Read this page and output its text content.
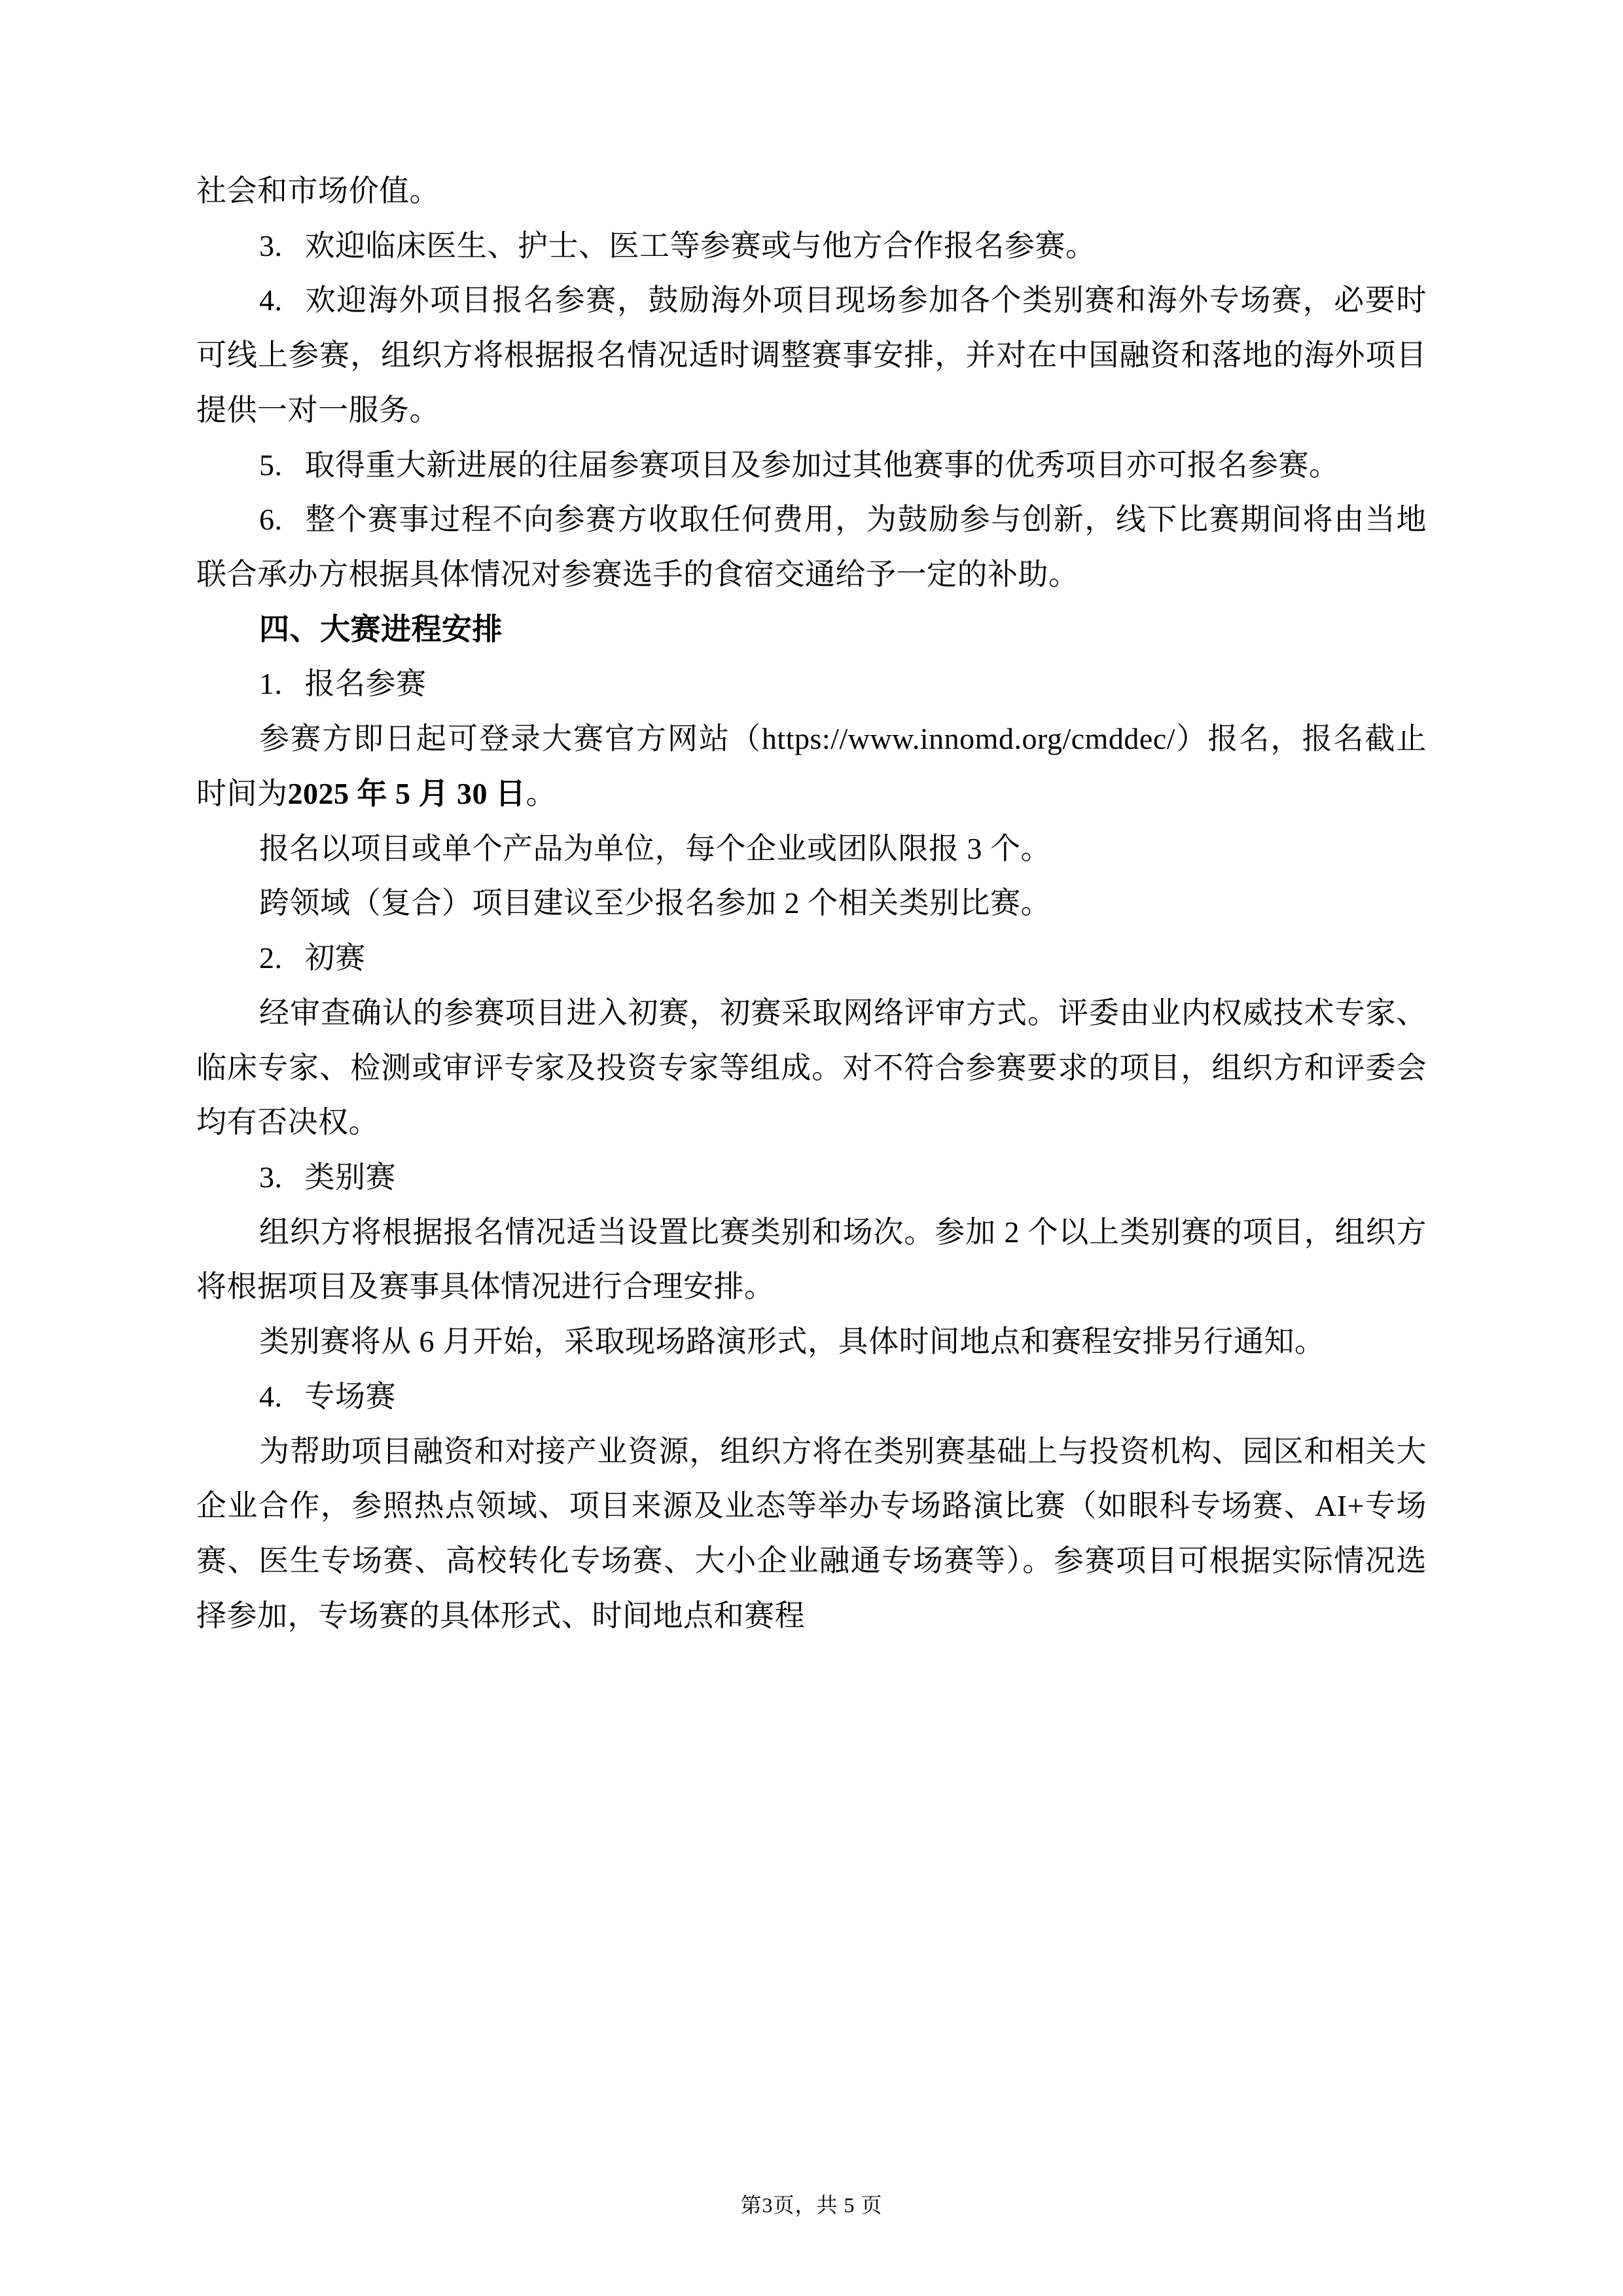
社会和市场价值。

3. 欢迎临床医生、护士、医工等参赛或与他方合作报名参赛。

4. 欢迎海外项目报名参赛，鼓励海外项目现场参加各个类别赛和海外专场赛，必要时可线上参赛，组织方将根据报名情况适时调整赛事安排，并对在中国融资和落地的海外项目提供一对一服务。

5. 取得重大新进展的往届参赛项目及参加过其他赛事的优秀项目亦可报名参赛。

6. 整个赛事过程不向参赛方收取任何费用，为鼓励参与创新，线下比赛期间将由当地联合承办方根据具体情况对参赛选手的食宿交通给予一定的补助。

四、大赛进程安排

1. 报名参赛

参赛方即日起可登录大赛官方网站（https://www.innomd.org/cmddec/）报名，报名截止时间为2025 年 5 月 30 日。

报名以项目或单个产品为单位，每个企业或团队限报 3 个。

跨领域（复合）项目建议至少报名参加 2 个相关类别比赛。

2. 初赛

经审查确认的参赛项目进入初赛，初赛采取网络评审方式。评委由业内权威技术专家、临床专家、检测或审评专家及投资专家等组成。对不符合参赛要求的项目，组织方和评委会均有否决权。

3. 类别赛

组织方将根据报名情况适当设置比赛类别和场次。参加 2 个以上类别赛的项目，组织方将根据项目及赛事具体情况进行合理安排。

类别赛将从 6 月开始，采取现场路演形式，具体时间地点和赛程安排另行通知。

4. 专场赛

为帮助项目融资和对接产业资源，组织方将在类别赛基础上与投资机构、园区和相关大企业合作，参照热点领域、项目来源及业态等举办专场路演比赛（如眼科专场赛、AI+专场赛、医生专场赛、高校转化专场赛、大小企业融通专场赛等）。参赛项目可根据实际情况选择参加，专场赛的具体形式、时间地点和赛程

第3页，共 5 页
